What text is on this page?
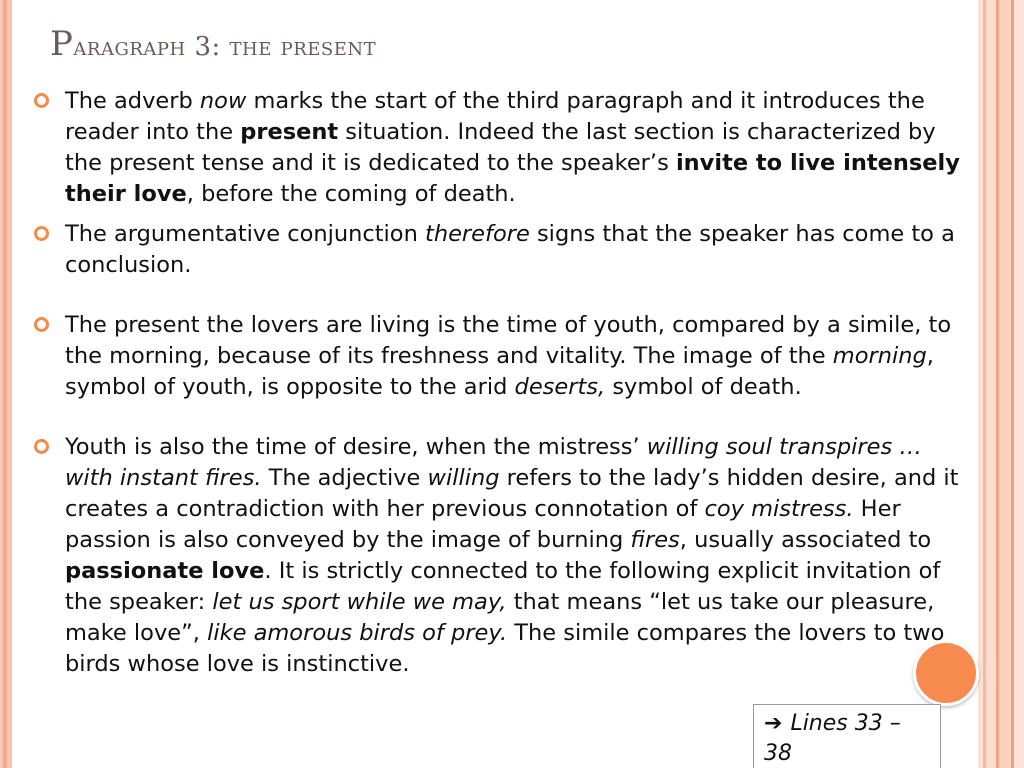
Paragraph 3: the present
The adverb now marks the start of the third paragraph and it introduces the reader into the present situation. Indeed the last section is characterized by the present tense and it is dedicated to the speaker’s invite to live intensely their love, before the coming of death.
The argumentative conjunction therefore signs that the speaker has come to a conclusion.
The present the lovers are living is the time of youth, compared by a simile, to the morning, because of its freshness and vitality. The image of the morning, symbol of youth, is opposite to the arid deserts, symbol of death.
Youth is also the time of desire, when the mistress’ willing soul transpires … with instant fires. The adjective willing refers to the lady’s hidden desire, and it creates a contradiction with her previous connotation of coy mistress. Her passion is also conveyed by the image of burning fires, usually associated to passionate love. It is strictly connected to the following explicit invitation of the speaker: let us sport while we may, that means “let us take our pleasure, make love”, like amorous birds of prey. The simile compares the lovers to two birds whose love is instinctive.
➔ Lines 33 – 38
